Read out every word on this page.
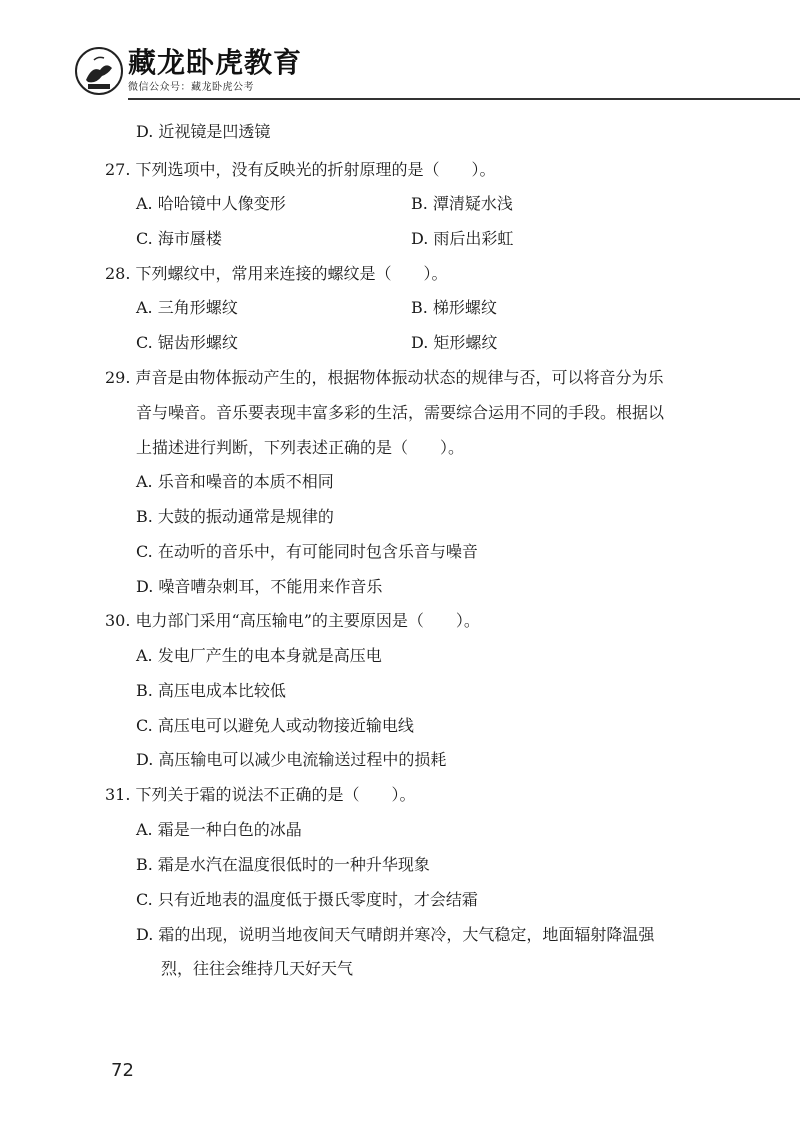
藏龙卧虎教育
微信公众号：藏龙卧虎公考
D. 近视镜是凹透镜
27. 下列选项中，没有反映光的折射原理的是（　　）。
A. 哈哈镜中人像变形	B. 潭清疑水浅
C. 海市蜃楼	D. 雨后出彩虹
28. 下列螺纹中，常用来连接的螺纹是（　　）。
A. 三角形螺纹	B. 梯形螺纹
C. 锯齿形螺纹	D. 矩形螺纹
29. 声音是由物体振动产生的，根据物体振动状态的规律与否，可以将音分为乐
音与噪音。音乐要表现丰富多彩的生活，需要综合运用不同的手段。根据以
上描述进行判断，下列表述正确的是（　　）。
A. 乐音和噪音的本质不相同
B. 大鼓的振动通常是规律的
C. 在动听的音乐中，有可能同时包含乐音与噪音
D. 噪音嘈杂刺耳，不能用来作音乐
30. 电力部门采用“高压输电”的主要原因是（　　）。
A. 发电厂产生的电本身就是高压电
B. 高压电成本比较低
C. 高压电可以避免人或动物接近输电线
D. 高压输电可以减少电流输送过程中的损耗
31. 下列关于霜的说法不正确的是（　　）。
A. 霜是一种白色的冰晶
B. 霜是水汽在温度很低时的一种升华现象
C. 只有近地表的温度低于摄氏零度时，才会结霜
D. 霜的出现，说明当地夜间天气晴朗并寒冷，大气稳定，地面辐射降温强
烈，往往会维持几天好天气
72
